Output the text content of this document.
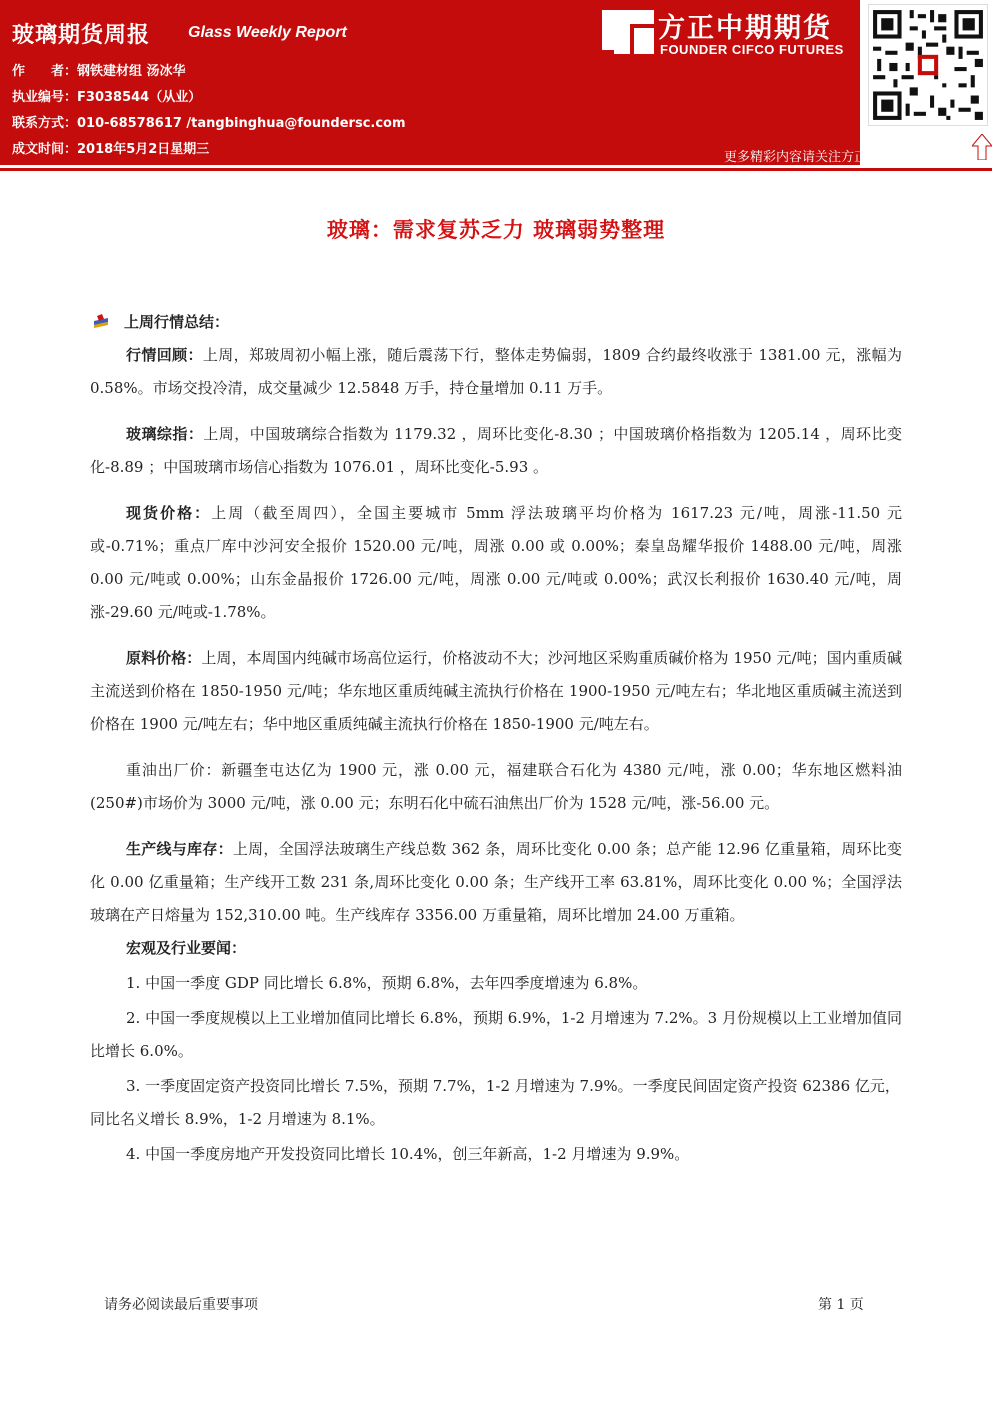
玻璃期货周报 Glass Weekly Report
作　　者：钢铁建材组 汤冰华
执业编号：F3038544（从业）
联系方式：010-68578617 /tangbinghua@foundersc.com
成文时间：2018年5月2日星期三
方正中期期货
FOUNDER CIFCO FUTURES
更多精彩内容请关注方正中期官方微信
玻璃：需求复苏乏力 玻璃弱势整理
上周行情总结：

行情回顾：上周，郑玻周初小幅上涨，随后震荡下行，整体走势偏弱，1809 合约最终收涨于 1381.00 元，涨幅为 0.58%。市场交投冷清，成交量减少 12.5848 万手，持仓量增加 0.11 万手。

玻璃综指：上周，中国玻璃综合指数为 1179.32 ，周环比变化-8.30 ；中国玻璃价格指数为 1205.14 ，周环比变化-8.89 ；中国玻璃市场信心指数为 1076.01 ，周环比变化-5.93 。

现货价格：上周（截至周四），全国主要城市 5mm 浮法玻璃平均价格为 1617.23 元/吨，周涨-11.50 元或-0.71%；重点厂库中沙河安全报价 1520.00 元/吨，周涨 0.00 或 0.00%；秦皇岛耀华报价 1488.00 元/吨，周涨 0.00 元/吨或 0.00%；山东金晶报价 1726.00 元/吨，周涨 0.00 元/吨或 0.00%；武汉长利报价 1630.40 元/吨，周涨-29.60 元/吨或-1.78%。

原料价格：上周，本周国内纯碱市场高位运行，价格波动不大；沙河地区采购重质碱价格为 1950 元/吨；国内重质碱主流送到价格在 1850-1950 元/吨；华东地区重质纯碱主流执行价格在 1900-1950 元/吨左右；华北地区重质碱主流送到价格在 1900 元/吨左右；华中地区重质纯碱主流执行价格在 1850-1900 元/吨左右。

重油出厂价：新疆奎屯达亿为 1900 元，涨 0.00 元，福建联合石化为 4380 元/吨，涨 0.00；华东地区燃料油(250#)市场价为 3000 元/吨，涨 0.00 元；东明石化中硫石油焦出厂价为 1528 元/吨，涨-56.00 元。

生产线与库存：上周，全国浮法玻璃生产线总数 362 条，周环比变化 0.00 条；总产能 12.96 亿重量箱，周环比变化 0.00 亿重量箱；生产线开工数 231 条,周环比变化 0.00 条；生产线开工率 63.81%，周环比变化 0.00 %；全国浮法玻璃在产日熔量为 152,310.00 吨。生产线库存 3356.00 万重量箱，周环比增加 24.00 万重箱。

宏观及行业要闻：

1. 中国一季度 GDP 同比增长 6.8%，预期 6.8%，去年四季度增速为 6.8%。

2. 中国一季度规模以上工业增加值同比增长 6.8%，预期 6.9%，1-2 月增速为 7.2%。3 月份规模以上工业增加值同比增长 6.0%。

3. 一季度固定资产投资同比增长 7.5%，预期 7.7%，1-2 月增速为 7.9%。一季度民间固定资产投资 62386 亿元，同比名义增长 8.9%，1-2 月增速为 8.1%。

4. 中国一季度房地产开发投资同比增长 10.4%，创三年新高，1-2 月增速为 9.9%。

请务必阅读最后重要事项	第 1 页
